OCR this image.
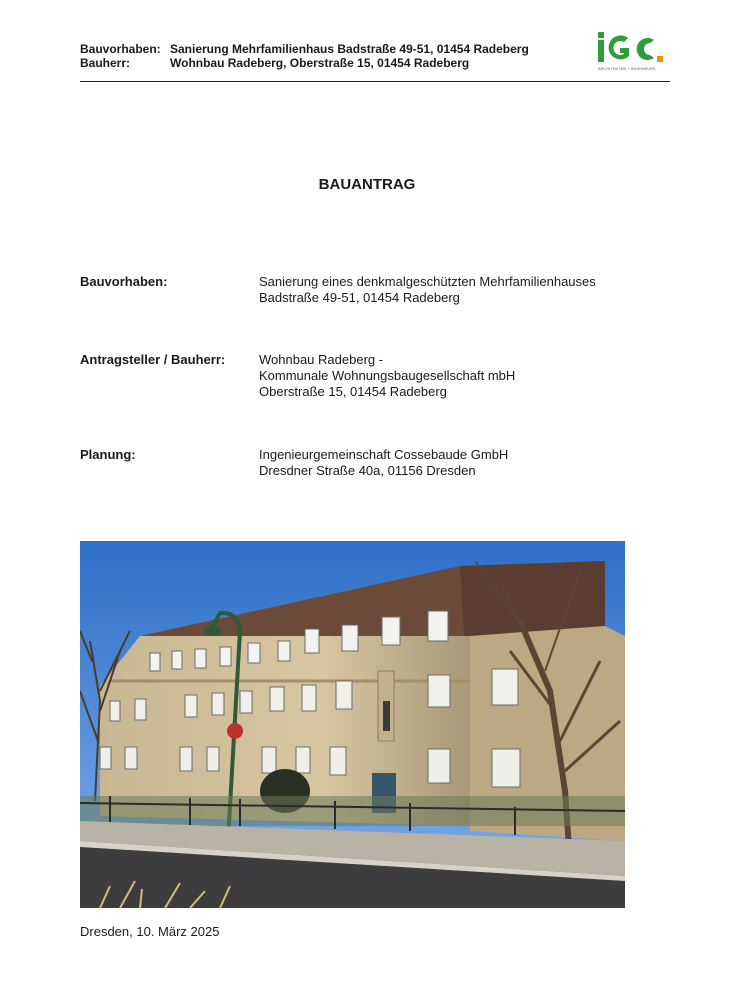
Bauvorhaben: Sanierung Mehrfamilienhaus Badstraße 49-51, 01454 Radeberg
Bauherr:	Wohnbau Radeberg, Oberstraße 15, 01454 Radeberg	ARCHITEKTEN + INGENIEURE
BAUANTRAG
Bauvorhaben:	Sanierung eines denkmalgeschützten Mehrfamilienhauses
Badstraße 49-51, 01454 Radeberg
Antragsteller / Bauherr:	Wohnbau Radeberg -
Kommunale Wohnungsbaugesellschaft mbH
Oberstraße 15, 01454 Radeberg
Planung:	Ingenieurgemeinschaft Cossebaude GmbH
Dresdner Straße 40a, 01156 Dresden
Dresden, 10. März 2025
